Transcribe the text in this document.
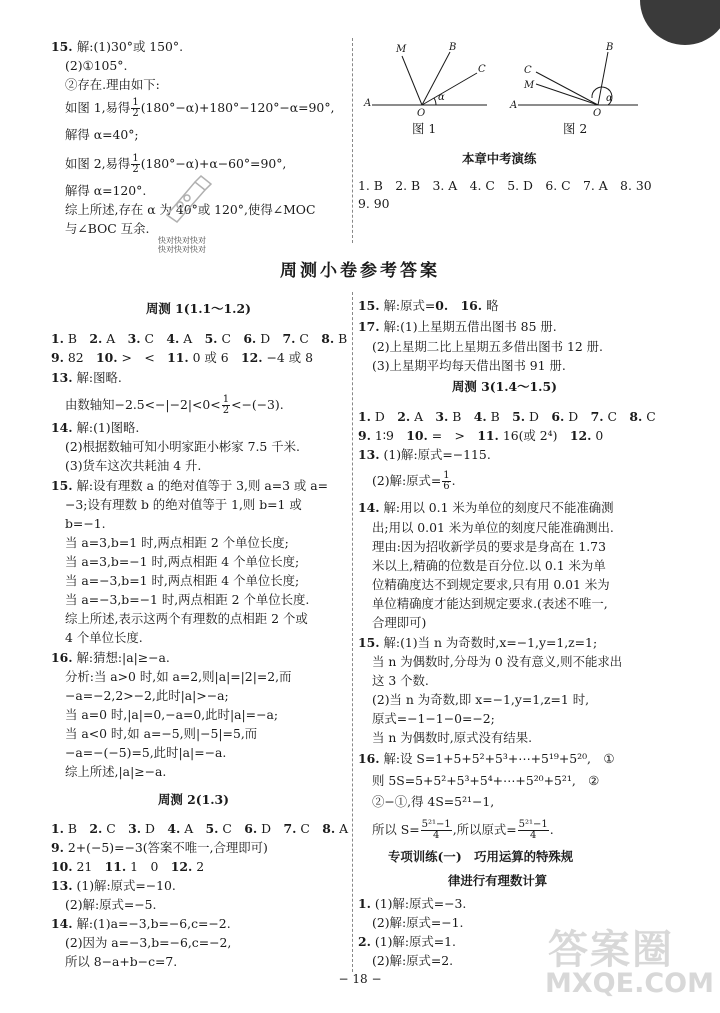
15. 解:(1)30°或 150°.
(2)①105°.
②存在.理由如下:
如图 1,易得 $\frac{1}{2} (180^\circ-\alpha)+180^\circ-120^\circ-\alpha=90^\circ$,
解得 α=40°;
如图 2,易得 $\frac{1}{2} (180^\circ-\alpha)+\alpha-60^\circ=90^\circ$,
解得 α=120°.
综上所述,存在 α 为 40°或 120°,使得∠MOC
与∠BOC 互余.
快对快对快对
快对快对快对
M	B
C
A
O
α
图 1
B
C
M
A
O
α
图 2
本章中考演练
1. B　2. B　3. A　4. C　5. D　6. C　7. A　8. 30
9. 90
周测小卷参考答案
周测 1(1.1～1.2)
1. B　2. A　3. C　4. A　5. C　6. D　7. C　8. B
9. 82　10. >　<　11. 0 或 6　12. −4 或 8
13. 解:图略.
由数轴知$-2.5<-|-2|<0< \frac{1}{2} <-(-3)$.
14. 解:(1)图略.
(2)根据数轴可知小明家距小彬家 7.5 千米.
(3)货车这次共耗油 4 升.
15. 解:设有理数 a 的绝对值等于 3,则 a=3 或 a=
−3;设有理数 b 的绝对值等于 1,则 b=1 或
b=−1.
当 a=3,b=1 时,两点相距 2 个单位长度;
当 a=3,b=−1 时,两点相距 4 个单位长度;
当 a=−3,b=1 时,两点相距 4 个单位长度;
当 a=−3,b=−1 时,两点相距 2 个单位长度.
综上所述,表示这两个有理数的点相距 2 个或
4 个单位长度.
16. 解:猜想:|a|≥−a.
分析:当 a>0 时,如 a=2,则|a|=|2|=2,而
−a=−2,2>−2,此时|a|>−a;
当 a=0 时,|a|=0,−a=0,此时|a|=−a;
当 a<0 时,如 a=−5,则|−5|=5,而
−a=−(−5)=5,此时|a|=−a.
综上所述,|a|≥−a.
周测 2(1.3)
1. B　2. C　3. D　4. A　5. C　6. D　7. C　8. A
9. 2+(−5)=−3(答案不唯一,合理即可)
10. 21　11. 1　0　12. 2
13. (1)解:原式=−10.
(2)解:原式=−5.
14. 解:(1)a=−3,b=−6,c=−2.
(2)因为 a=−3,b=−6,c=−2,
所以 8−a+b−c=7.
15. 解:原式=0.　 16. 略
17. 解:(1)上星期五借出图书 85 册.
(2)上星期二比上星期五多借出图书 12 册.
(3)上星期平均每天借出图书 91 册.
周测 3(1.4～1.5)
1. D　2. A　3. B　4. B　5. D　6. D　7. C　8. C
9. 1∶9　10. =　>　11. 16(或 2⁴)　12. 0
13. (1)解:原式=−115.
(2)解:原式= $\frac{1}{6}$ .
14. 解:用以 0.1 米为单位的刻度尺不能准确测
出;用以 0.01 米为单位的刻度尺能准确测出.
理由:因为招收新学员的要求是身高在 1.73
米以上,精确的位数是百分位.以 0.1 米为单
位精确度达不到规定要求,只有用 0.01 米为
单位精确度才能达到规定要求.(表述不唯一,
合理即可)
15. 解:(1)当 n 为奇数时,x=−1,y=1,z=1;
当 n 为偶数时,分母为 0 没有意义,则不能求出
这 3 个数.
(2)当 n 为奇数,即 x=−1,y=1,z=1 时,
原式=−1−1−0=−2;
当 n 为偶数时,原式没有结果.
16. 解:设 S=1+5+5²+5³+⋯+5¹⁹+5²⁰,　①
则 5S=5+5²+5³+5⁴+⋯+5²⁰+5²¹,　②
②−①,得 4S=5²¹−1,
所以 $S= \frac{\text{5²¹−1}}{4}$ ,所以原式= $\frac{\text{5²¹−1}}{4}$ .
专项训练(一)　巧用运算的特殊规
律进行有理数计算
1. (1)解:原式=−3.
(2)解:原式=−1.
2. (1)解:原式=1.
(2)解:原式=2. 答案圈
MXQE.COM
− 18 −
